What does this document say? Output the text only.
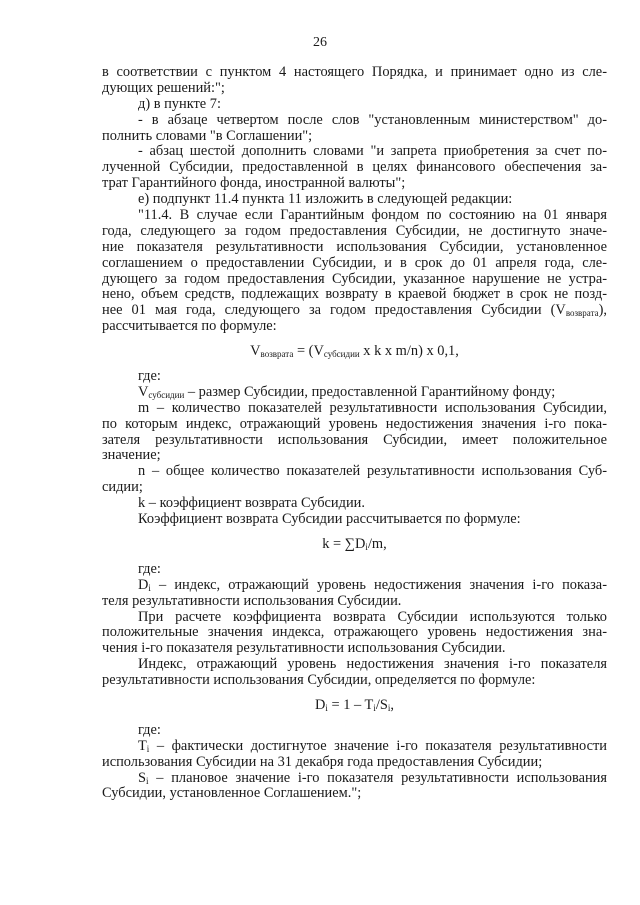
26
в соответствии с пунктом 4 настоящего Порядка, и принимает одно из сле-
дующих решений:";
д) в пункте 7:
- в абзаце четвертом после слов "установленным министерством" до-
полнить словами "в Соглашении";
- абзац шестой дополнить словами "и запрета приобретения за счет по-
лученной Субсидии, предоставленной в целях финансового обеспечения за-
трат Гарантийного фонда, иностранной валюты";
е) подпункт 11.4 пункта 11 изложить в следующей редакции:
"11.4. В случае если Гарантийным фондом по состоянию на 01 января
года, следующего за годом предоставления Субсидии, не достигнуто значе-
ние показателя результативности использования Субсидии, установленное
соглашением о предоставлении Субсидии, и в срок до 01 апреля года, сле-
дующего за годом предоставления Субсидии, указанное нарушение не устра-
нено, объем средств, подлежащих возврату в краевой бюджет в срок не позд-
нее 01 мая года, следующего за годом предоставления Субсидии $(V_{возврата})$,
рассчитывается по формуле:
$V_{возврата} = (V_{субсидии}$ x k x m/n) x 0,1,
где:
$V_{субсидии}$ – размер Субсидии, предоставленной Гарантийному фонду;
m – количество показателей результативности использования Субсидии,
по которым индекс, отражающий уровень недостижения значения i-го пока-
зателя результативности использования Субсидии, имеет положительное
значение;
n – общее количество показателей результативности использования Суб-
сидии;
k – коэффициент возврата Субсидии.
Коэффициент возврата Субсидии рассчитывается по формуле:
$k = \sum D_i/m$,
где:
$D_i$ – индекс, отражающий уровень недостижения значения i-го показа-
теля результативности использования Субсидии.
При расчете коэффициента возврата Субсидии используются только
положительные значения индекса, отражающего уровень недостижения зна-
чения i-го показателя результативности использования Субсидии.
Индекс, отражающий уровень недостижения значения i-го показателя
результативности использования Субсидии, определяется по формуле:
$D_i = 1 - T_i/S_i$,
где:
$T_i$ – фактически достигнутое значение i-го показателя результативности
использования Субсидии на 31 декабря года предоставления Субсидии;
$S_i$ – плановое значение i-го показателя результативности использования
Субсидии, установленное Соглашением.";
